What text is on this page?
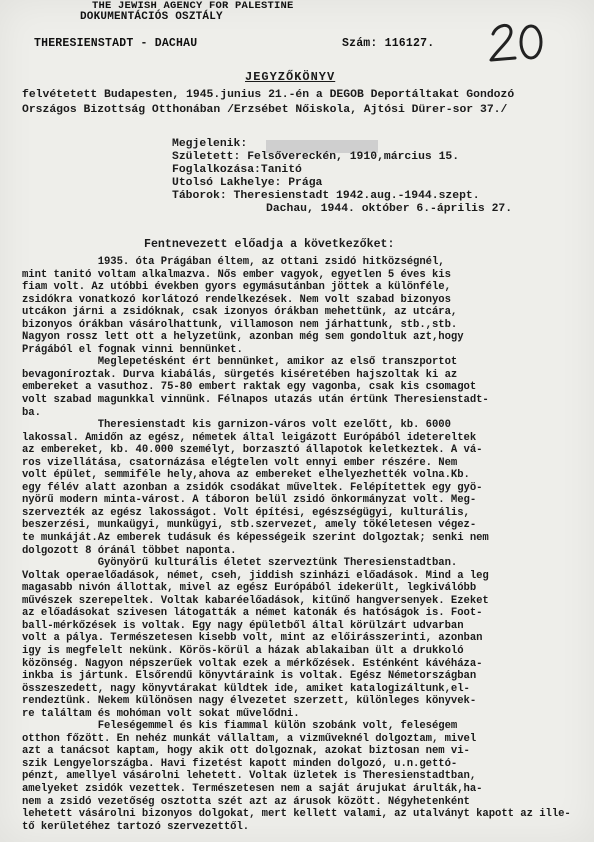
THE JEWISH AGENCY FOR PALESTINE
DOKUMENTÁCIÓS OSZTÁLY
THERESIENSTADT - DACHAU	Szám: 116127.
20
JEGYZŐKÖNYV
felvétetett Budapesten, 1945.junius 21.-én a DEGOB Deportáltakat Gondozó
Országos Bizottság Otthonában /Erzsébet Nőiskola, Ajtósi Dürer-sor 37./
Megjelenik:
Született: Felsővereckén, 1910,március 15.
Foglalkozása:Tanitó
Utolsó Lakhelye: Prága
Táborok: Theresienstadt 1942.aug.-1944.szept.
Dachau, 1944. október 6.-április 27.
Fentnevezett előadja a következőket:
1935. óta Prágában éltem, az ottani zsidó hitközségnél,
mint tanitó voltam alkalmazva. Nős ember vagyok, egyetlen 5 éves kis
fiam volt. Az utóbbi években gyors egymásutánban jöttek a különféle,
zsidókra vonatkozó korlátozó rendelkezések. Nem volt szabad bizonyos
utcákon járni a zsidóknak, csak izonyos órákban mehettünk, az utcára,
bizonyos órákban vásárolhattunk, villamoson nem járhattunk, stb.,stb.
Nagyon rossz lett ott a helyzetünk, azonban még sem gondoltuk azt,hogy
Prágából el fognak vinni bennünket.
Meglepetésként ért bennünket, amikor az első transzportot
bevagoníroztak. Durva kiabálás, sürgetés kiséretében hajszoltak ki az
embereket a vasuthoz. 75-80 embert raktak egy vagonba, csak kis csomagot
volt szabad magunkkal vinnünk. Félnapos utazás után értünk Theresienstadt-
ba.
Theresienstadt kis garnizon-város volt ezelőtt, kb. 6000
lakossal. Amidőn az egész, németek által leigázott Európából idetereltek
az embereket, kb. 40.000 személyt, borzasztó állapotok keletkeztek. A vá-
ros vizellátása, csatornázása elégtelen volt ennyi ember részére. Nem
volt épület, semmiféle hely,ahova az embereket elhelyezhették volna.Kb.
egy félév alatt azonban a zsidók csodákat műveltek. Felépítettek egy gyö-
nyörű modern minta-várost. A táboron belül zsidó önkormányzat volt. Meg-
szervezték az egész lakosságot. Volt építési, egészségügyi, kulturális,
beszerzési, munkaügyi, munkügyi, stb.szervezet, amely tökéletesen végez-
te munkáját.Az emberek tudásuk és képességeik szerint dolgoztak; senki nem
dolgozott 8 óránál többet naponta.
Gyönyörű kulturális életet szerveztünk Theresienstadtban.
Voltak operaelőadások, német, cseh, jiddish szinházi előadások. Mind a leg
magasabb nivón állottak, mivel az egész Európából idekerült, legkiválóbb
művészek szerepeltek. Voltak kabaréelőadások, kitűnő hangversenyek. Ezeket
az előadásokat szivesen látogatták a német katonák és hatóságok is. Foot-
ball-mérkőzések is voltak. Egy nagy épületből által körülzárt udvarban
volt a pálya. Természetesen kisebb volt, mint az előirásszerinti, azonban
igy is megfelelt nekünk. Körös-körül a házak ablakaiban ült a drukkoló
közönség. Nagyon népszerűek voltak ezek a mérkőzések. Esténként kávéháza-
inkba is jártunk. Elsőrendű könyvtáraink is voltak. Egész Németországban
összeszedett, nagy könyvtárakat küldtek ide, amiket katalogizáltunk,el-
rendeztünk. Nekem különösen nagy élvezetet szerzett, különleges könyvek-
re találtam és mohóman volt sokat művelődni.
Feleségemmel és kis fiammal külön szobánk volt, feleségem
otthon főzött. En nehéz munkát vállaltam, a vizműveknél dolgoztam, mivel
azt a tanácsot kaptam, hogy akik ott dolgoznak, azokat biztosan nem vi-
szik Lengyelországba. Havi fizetést kapott minden dolgozó, u.n.gettó-
pénzt, amellyel vásárolni lehetett. Voltak üzletek is Theresienstadtban,
amelyeket zsidók vezettek. Természetesen nem a saját árujukat árulták,ha-
nem a zsidó vezetőség osztotta szét azt az árusok között. Négyhetenként
lehetett vásárolni bizonyos dolgokat, mert kellett valami, az utalványt kapott az ille-
tő kerületéhez tartozó szervezettől.
